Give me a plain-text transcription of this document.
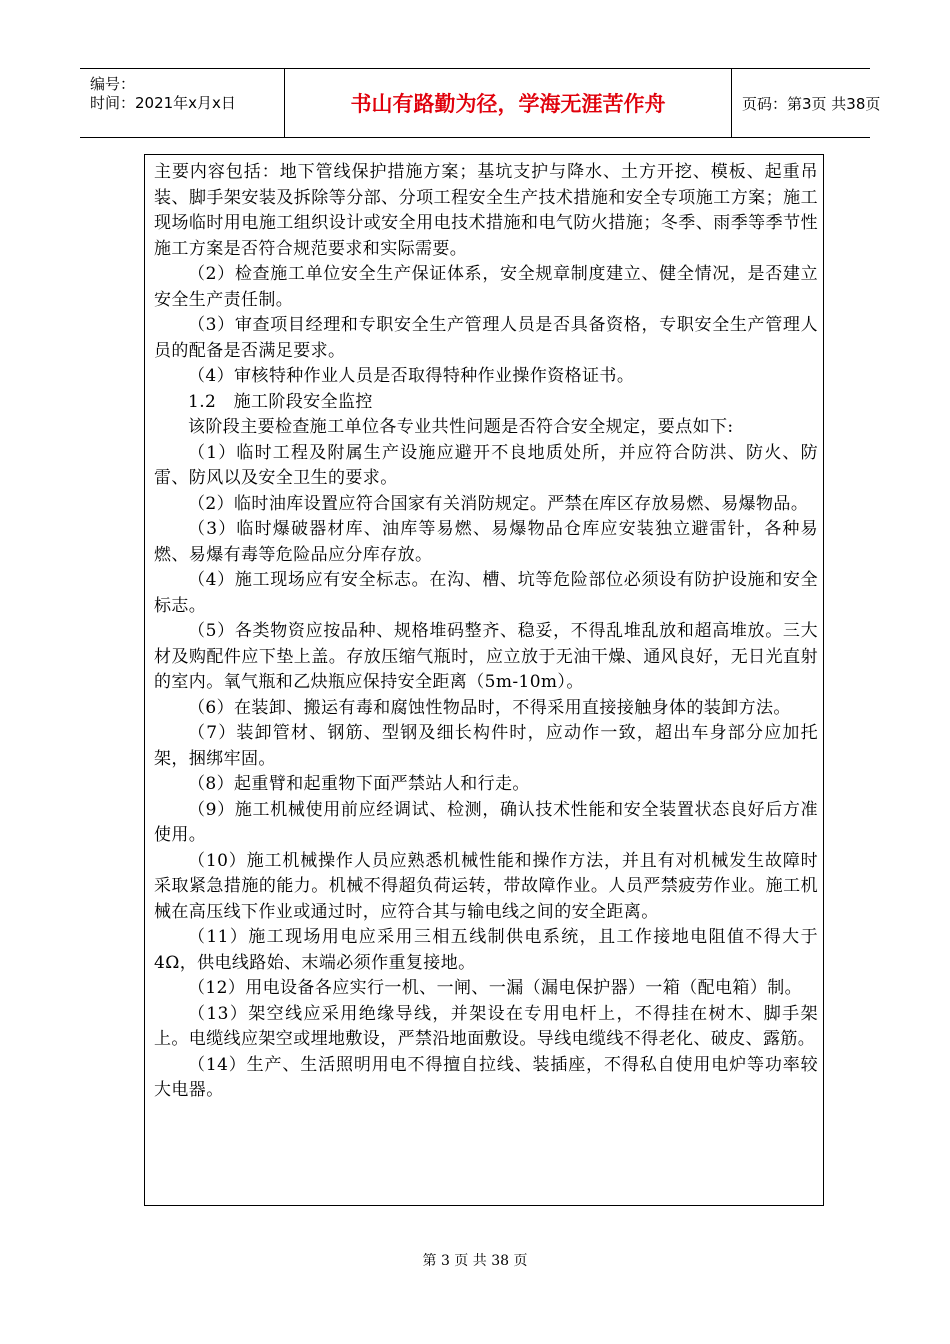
编号：
时间：2021年x月x日	书山有路勤为径，学海无涯苦作舟	页码：第3页 共38页

主要内容包括：地下管线保护措施方案；基坑支护与降水、土方开挖、模板、起重吊装、脚手架安装及拆除等分部、分项工程安全生产技术措施和安全专项施工方案；施工现场临时用电施工组织设计或安全用电技术措施和电气防火措施；冬季、雨季等季节性施工方案是否符合规范要求和实际需要。

（2）检查施工单位安全生产保证体系，安全规章制度建立、健全情况，是否建立安全生产责任制。

（3）审查项目经理和专职安全生产管理人员是否具备资格，专职安全生产管理人员的配备是否满足要求。

（4）审核特种作业人员是否取得特种作业操作资格证书。

1.2　施工阶段安全监控

该阶段主要检查施工单位各专业共性问题是否符合安全规定，要点如下:

（1）临时工程及附属生产设施应避开不良地质处所，并应符合防洪、防火、防雷、防风以及安全卫生的要求。

（2）临时油库设置应符合国家有关消防规定。严禁在库区存放易燃、易爆物品。

（3）临时爆破器材库、油库等易燃、易爆物品仓库应安装独立避雷针，各种易燃、易爆有毒等危险品应分库存放。

（4）施工现场应有安全标志。在沟、槽、坑等危险部位必须设有防护设施和安全标志。

（5）各类物资应按品种、规格堆码整齐、稳妥，不得乱堆乱放和超高堆放。三大材及购配件应下垫上盖。存放压缩气瓶时，应立放于无油干燥、通风良好，无日光直射的室内。氧气瓶和乙炔瓶应保持安全距离（5m-10m）。

（6）在装卸、搬运有毒和腐蚀性物品时，不得采用直接接触身体的装卸方法。

（7）装卸管材、钢筋、型钢及细长构件时，应动作一致，超出车身部分应加托架，捆绑牢固。

（8）起重臂和起重物下面严禁站人和行走。

（9）施工机械使用前应经调试、检测，确认技术性能和安全装置状态良好后方准使用。

（10）施工机械操作人员应熟悉机械性能和操作方法，并且有对机械发生故障时采取紧急措施的能力。机械不得超负荷运转，带故障作业。人员严禁疲劳作业。施工机械在高压线下作业或通过时，应符合其与输电线之间的安全距离。

（11）施工现场用电应采用三相五线制供电系统，且工作接地电阻值不得大于4Ω，供电线路始、末端必须作重复接地。

（12）用电设备各应实行一机、一闸、一漏（漏电保护器）一箱（配电箱）制。

（13）架空线应采用绝缘导线，并架设在专用电杆上，不得挂在树木、脚手架上。电缆线应架空或埋地敷设，严禁沿地面敷设。导线电缆线不得老化、破皮、露筋。

（14）生产、生活照明用电不得擅自拉线、装插座，不得私自使用电炉等功率较大电器。

第 3 页 共 38 页
